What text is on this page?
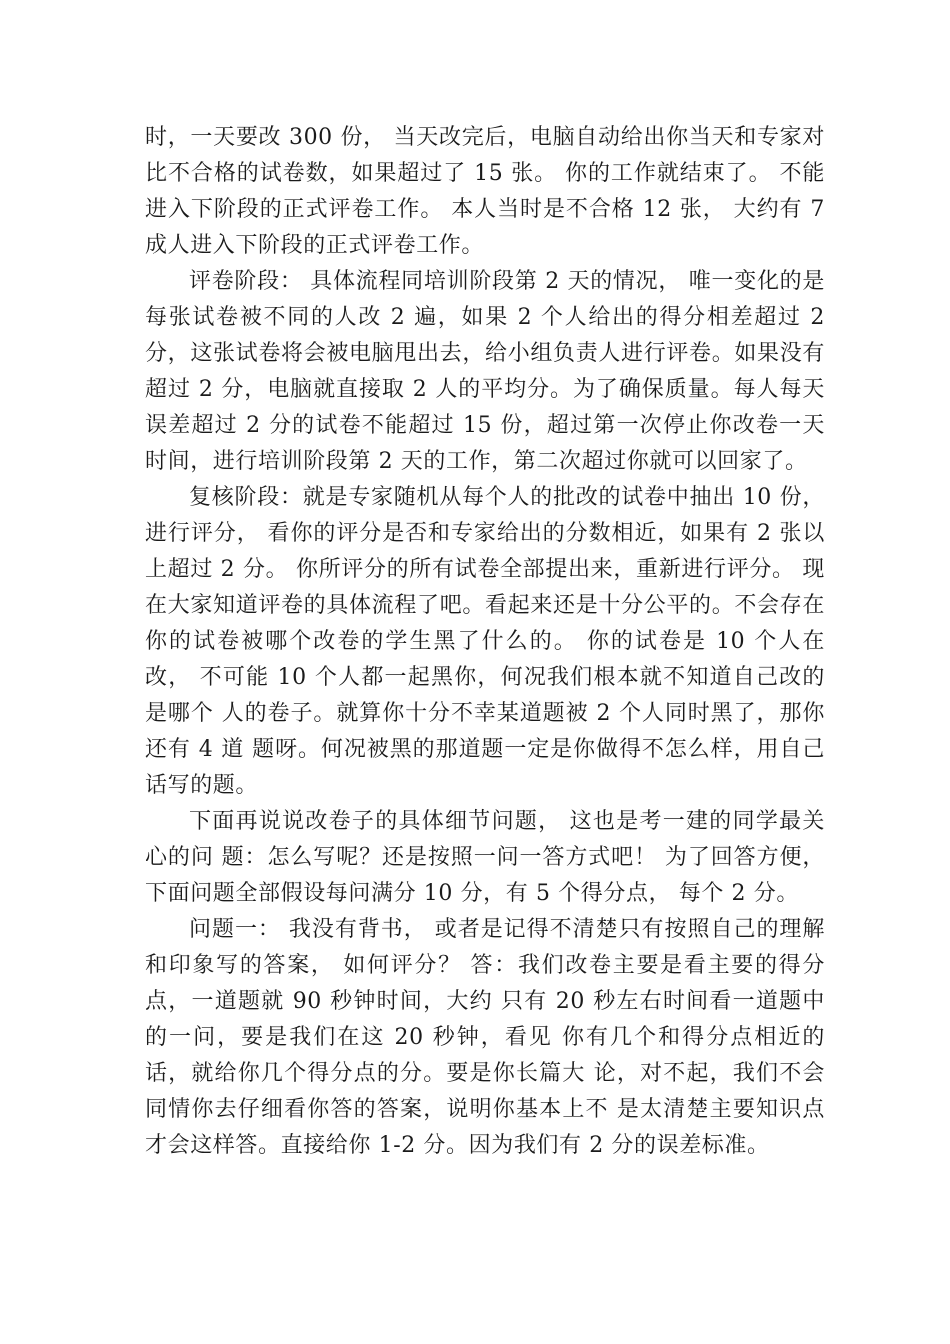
时，一天要改 300 份， 当天改完后，电脑自动给出你当天和专家对比不合格的试卷数，如果超过了 15 张。 你的工作就结束了。 不能进入下阶段的正式评卷工作。 本人当时是不合格 12 张， 大约有 7 成人进入下阶段的正式评卷工作。

评卷阶段： 具体流程同培训阶段第 2 天的情况， 唯一变化的是每张试卷被不同的人改 2 遍，如果 2 个人给出的得分相差超过 2 分，这张试卷将会被电脑甩出去，给小组负责人进行评卷。如果没有超过 2 分，电脑就直接取 2 人的平均分。为了确保质量。每人每天误差超过 2 分的试卷不能超过 15 份，超过第一次停止你改卷一天时间，进行培训阶段第 2 天的工作，第二次超过你就可以回家了。

复核阶段：就是专家随机从每个人的批改的试卷中抽出 10 份，进行评分， 看你的评分是否和专家给出的分数相近，如果有 2 张以上超过 2 分。 你所评分的所有试卷全部提出来，重新进行评分。 现在大家知道评卷的具体流程了吧。看起来还是十分公平的。不会存在你的试卷被哪个改卷的学生黑了什么的。 你的试卷是 10 个人在改， 不可能 10 个人都一起黑你，何况我们根本就不知道自己改的是哪个 人的卷子。就算你十分不幸某道题被 2 个人同时黑了，那你还有 4 道 题呀。何况被黑的那道题一定是你做得不怎么样，用自己话写的题。

下面再说说改卷子的具体细节问题， 这也是考一建的同学最关心的问 题：怎么写呢？还是按照一问一答方式吧！ 为了回答方便，下面问题全部假设每问满分 10 分，有 5 个得分点， 每个 2 分。

问题一： 我没有背书， 或者是记得不清楚只有按照自己的理解和印象写的答案， 如何评分？ 答：我们改卷主要是看主要的得分点，一道题就 90 秒钟时间，大约 只有 20 秒左右时间看一道题中的一问，要是我们在这 20 秒钟，看见 你有几个和得分点相近的话，就给你几个得分点的分。要是你长篇大 论，对不起，我们不会同情你去仔细看你答的答案，说明你基本上不 是太清楚主要知识点才会这样答。直接给你 1-2 分。因为我们有 2 分的误差标准。
